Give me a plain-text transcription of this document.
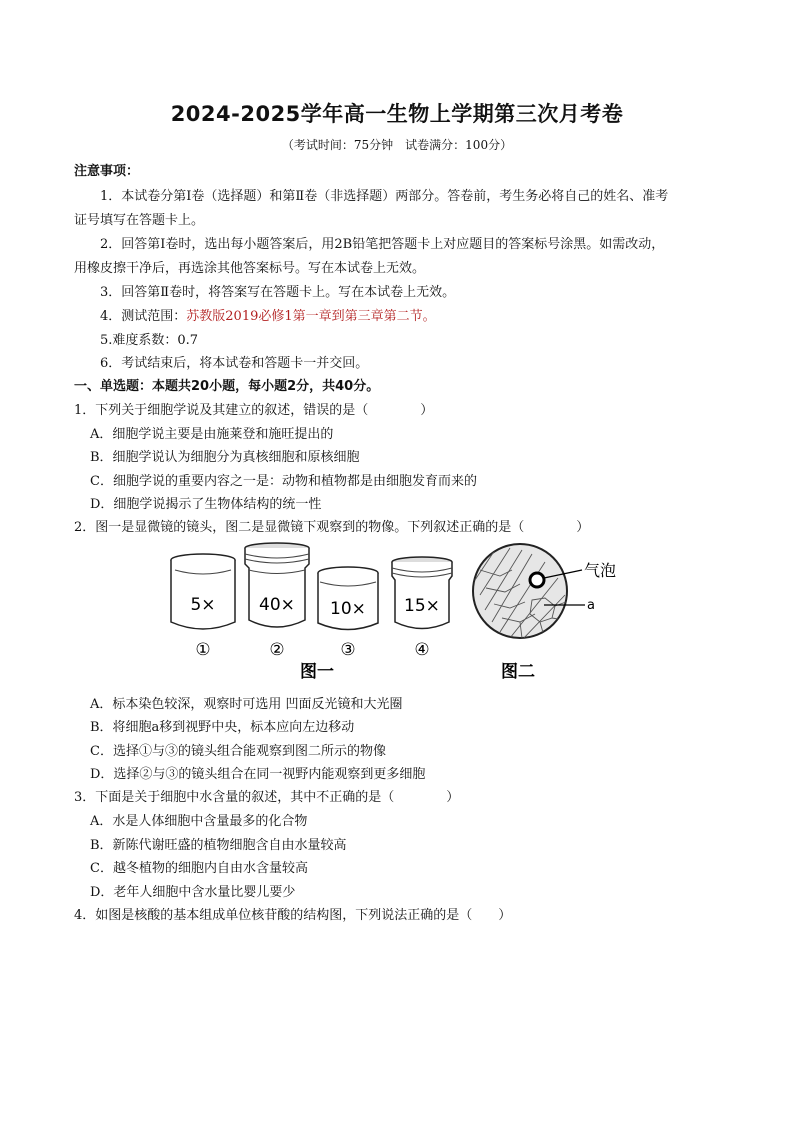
2024-2025学年高一生物上学期第三次月考卷
（考试时间：75分钟　试卷满分：100分）
注意事项：
1．本试卷分第Ⅰ卷（选择题）和第Ⅱ卷（非选择题）两部分。答卷前，考生务必将自己的姓名、准考
证号填写在答题卡上。
2．回答第Ⅰ卷时，选出每小题答案后，用2B铅笔把答题卡上对应题目的答案标号涂黑。如需改动，
用橡皮擦干净后，再选涂其他答案标号。写在本试卷上无效。
3．回答第Ⅱ卷时，将答案写在答题卡上。写在本试卷上无效。
4．测试范围：苏教版2019必修1第一章到第三章第二节。
5.难度系数：0.7
6．考试结束后，将本试卷和答题卡一并交回。
一、单选题：本题共20小题，每小题2分，共40分。
1．下列关于细胞学说及其建立的叙述，错误的是（　　　　）
A．细胞学说主要是由施莱登和施旺提出的
B．细胞学说认为细胞分为真核细胞和原核细胞
C．细胞学说的重要内容之一是：动物和植物都是由细胞发育而来的
D．细胞学说揭示了生物体结构的统一性
2．图一是显微镜的镜头，图二是显微镜下观察到的物像。下列叙述正确的是（　　　　）
5×	40× 10× 15×
①	②	③	④
图一
气泡
a
图二
A．标本染色较深，观察时可选用 凹面反光镜和大光圈
B．将细胞a移到视野中央，标本应向左边移动
C．选择①与③的镜头组合能观察到图二所示的物像
D．选择②与③的镜头组合在同一视野内能观察到更多细胞
3．下面是关于细胞中水含量的叙述，其中不正确的是（　　　　）
A．水是人体细胞中含量最多的化合物
B．新陈代谢旺盛的植物细胞含自由水量较高
C．越冬植物的细胞内自由水含量较高
D．老年人细胞中含水量比婴儿要少
4．如图是核酸的基本组成单位核苷酸的结构图，下列说法正确的是（　　）
